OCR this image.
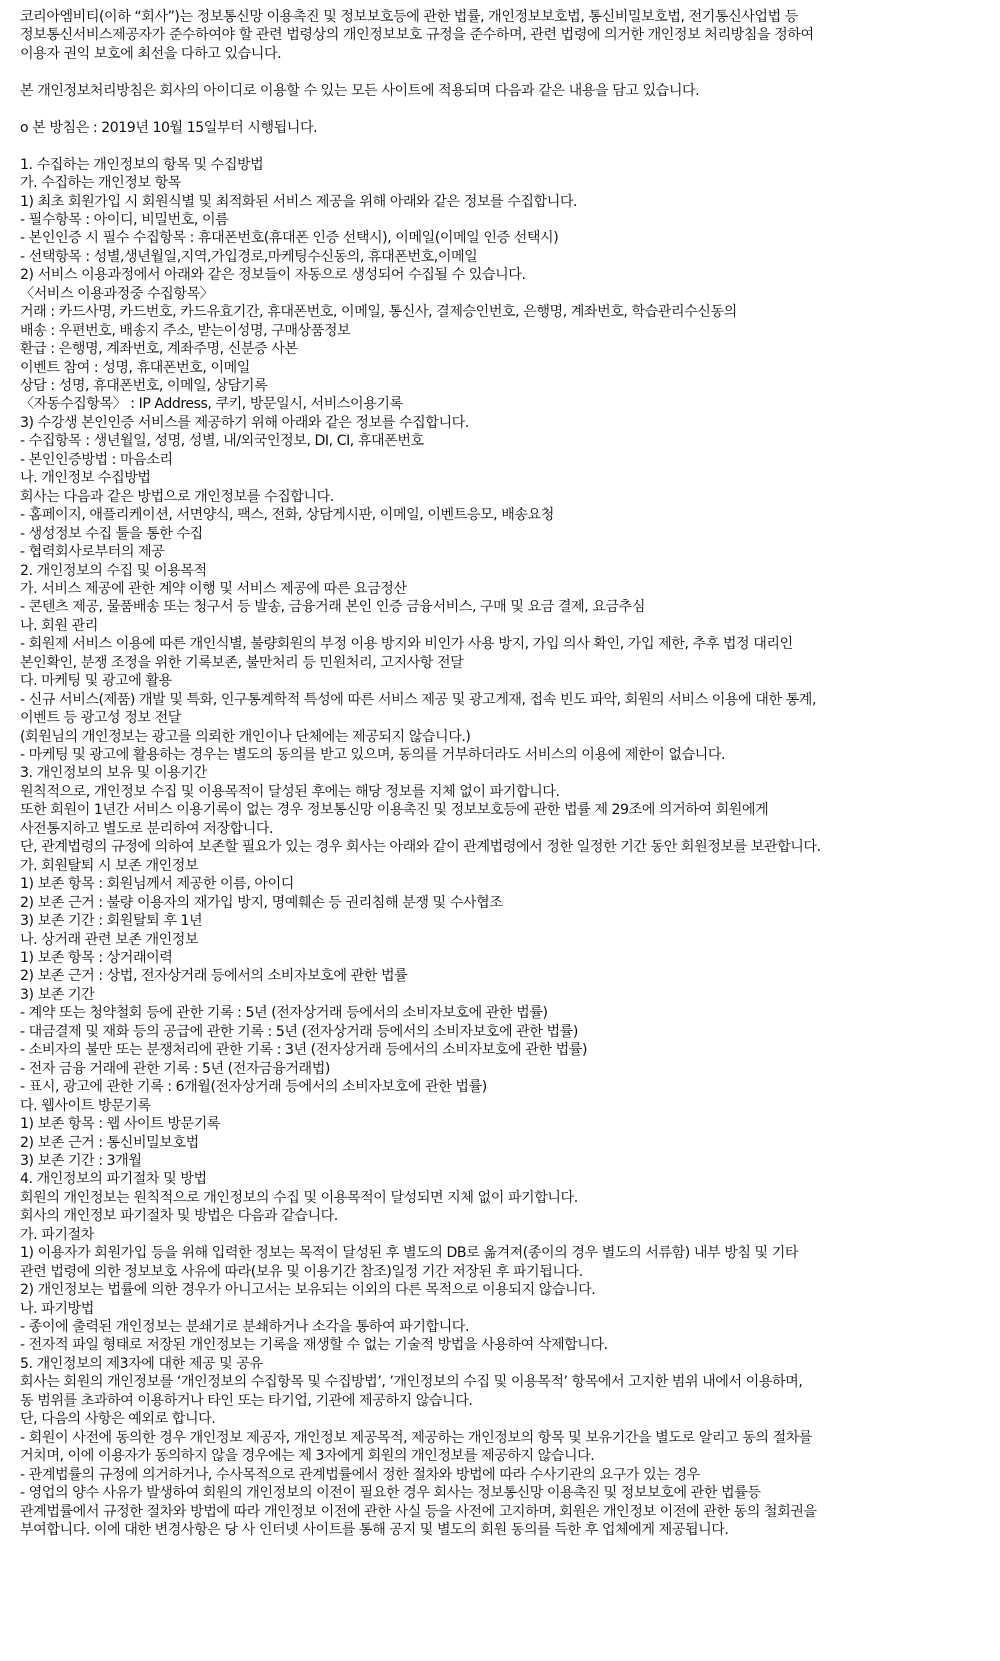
코리아엠비티(이하 “회사”)는 정보통신망 이용촉진 및 정보보호등에 관한 법률, 개인정보보호법, 통신비밀보호법, 전기통신사업법 등
정보통신서비스제공자가 준수하여야 할 관련 법령상의 개인정보보호 규정을 준수하며, 관련 법령에 의거한 개인정보 처리방침을 정하여
이용자 권익 보호에 최선을 다하고 있습니다.
본 개인정보처리방침은 회사의 아이디로 이용할 수 있는 모든 사이트에 적용되며 다음과 같은 내용을 담고 있습니다.
o 본 방침은 : 2019년 10월 15일부터 시행됩니다.
1. 수집하는 개인정보의 항목 및 수집방법
가. 수집하는 개인정보 항목
1) 최초 회원가입 시 회원식별 및 최적화된 서비스 제공을 위해 아래와 같은 정보를 수집합니다.
- 필수항목 : 아이디, 비밀번호, 이름
- 본인인증 시 필수 수집항목 : 휴대폰번호(휴대폰 인증 선택시), 이메일(이메일 인증 선택시)
- 선택항목 : 성별,생년월일,지역,가입경로,마케팅수신동의, 휴대폰번호,이메일
2) 서비스 이용과정에서 아래와 같은 정보들이 자동으로 생성되어 수집될 수 있습니다.
〈서비스 이용과정중 수집항목〉
거래 : 카드사명, 카드번호, 카드유효기간, 휴대폰번호, 이메일, 통신사, 결제승인번호, 은행명, 계좌번호, 학습관리수신동의
배송 : 우편번호, 배송지 주소, 받는이성명, 구매상품정보
환급 : 은행명, 계좌번호, 계좌주명, 신분증 사본
이벤트 참여 : 성명, 휴대폰번호, 이메일
상담 : 성명, 휴대폰번호, 이메일, 상담기록
〈자동수집항목〉 : IP Address, 쿠키, 방문일시, 서비스이용기록
3) 수강생 본인인증 서비스를 제공하기 위해 아래와 같은 정보를 수집합니다.
- 수집항목 : 생년월일, 성명, 성별, 내/외국인정보, DI, CI, 휴대폰번호
- 본인인증방법 : 마음소리
나. 개인정보 수집방법
회사는 다음과 같은 방법으로 개인정보를 수집합니다.
- 홈페이지, 애플리케이션, 서면양식, 팩스, 전화, 상담게시판, 이메일, 이벤트응모, 배송요청
- 생성정보 수집 툴을 통한 수집
- 협력회사로부터의 제공
2. 개인정보의 수집 및 이용목적
가. 서비스 제공에 관한 계약 이행 및 서비스 제공에 따른 요금정산
- 콘텐츠 제공, 물품배송 또는 청구서 등 발송, 금융거래 본인 인증 금융서비스, 구매 및 요금 결제, 요금추심
나. 회원 관리
- 회원제 서비스 이용에 따른 개인식별, 불량회원의 부정 이용 방지와 비인가 사용 방지, 가입 의사 확인, 가입 제한, 추후 법정 대리인
본인확인, 분쟁 조정을 위한 기록보존, 불만처리 등 민원처리, 고지사항 전달
다. 마케팅 및 광고에 활용
- 신규 서비스(제품) 개발 및 특화, 인구통계학적 특성에 따른 서비스 제공 및 광고게재, 접속 빈도 파악, 회원의 서비스 이용에 대한 통계,
이벤트 등 광고성 정보 전달
(회원님의 개인정보는 광고를 의뢰한 개인이나 단체에는 제공되지 않습니다.)
- 마케팅 및 광고에 활용하는 경우는 별도의 동의를 받고 있으며, 동의를 거부하더라도 서비스의 이용에 제한이 없습니다.
3. 개인정보의 보유 및 이용기간
원칙적으로, 개인정보 수집 및 이용목적이 달성된 후에는 해당 정보를 지체 없이 파기합니다.
또한 회원이 1년간 서비스 이용기록이 없는 경우 정보통신망 이용촉진 및 정보보호등에 관한 법률 제 29조에 의거하여 회원에게
사전통지하고 별도로 분리하여 저장합니다.
단, 관계법령의 규정에 의하여 보존할 필요가 있는 경우 회사는 아래와 같이 관계법령에서 정한 일정한 기간 동안 회원정보를 보관합니다.
가. 회원탈퇴 시 보존 개인정보
1) 보존 항목 : 회원님께서 제공한 이름, 아이디
2) 보존 근거 : 불량 이용자의 재가입 방지, 명예훼손 등 권리침해 분쟁 및 수사협조
3) 보존 기간 : 회원탈퇴 후 1년
나. 상거래 관련 보존 개인정보
1) 보존 항목 : 상거래이력
2) 보존 근거 : 상법, 전자상거래 등에서의 소비자보호에 관한 법률
3) 보존 기간
- 계약 또는 청약철회 등에 관한 기록 : 5년 (전자상거래 등에서의 소비자보호에 관한 법률)
- 대금결제 및 재화 등의 공급에 관한 기록 : 5년 (전자상거래 등에서의 소비자보호에 관한 법률)
- 소비자의 불만 또는 분쟁처리에 관한 기록 : 3년 (전자상거래 등에서의 소비자보호에 관한 법률)
- 전자 금융 거래에 관한 기록 : 5년 (전자금융거래법)
- 표시, 광고에 관한 기록 : 6개월(전자상거래 등에서의 소비자보호에 관한 법률)
다. 웹사이트 방문기록
1) 보존 항목 : 웹 사이트 방문기록
2) 보존 근거 : 통신비밀보호법
3) 보존 기간 : 3개월
4. 개인정보의 파기절차 및 방법
회원의 개인정보는 원칙적으로 개인정보의 수집 및 이용목적이 달성되면 지체 없이 파기합니다.
회사의 개인정보 파기절차 및 방법은 다음과 같습니다.
가. 파기절차
1) 이용자가 회원가입 등을 위해 입력한 정보는 목적이 달성된 후 별도의 DB로 옮겨져(종이의 경우 별도의 서류함) 내부 방침 및 기타
관련 법령에 의한 정보보호 사유에 따라(보유 및 이용기간 참조)일정 기간 저장된 후 파기됩니다.
2) 개인정보는 법률에 의한 경우가 아니고서는 보유되는 이외의 다른 목적으로 이용되지 않습니다.
나. 파기방법
- 종이에 출력된 개인정보는 분쇄기로 분쇄하거나 소각을 통하여 파기합니다.
- 전자적 파일 형태로 저장된 개인정보는 기록을 재생할 수 없는 기술적 방법을 사용하여 삭제합니다.
5. 개인정보의 제3자에 대한 제공 및 공유
회사는 회원의 개인정보를 ‘개인정보의 수집항목 및 수집방법’, ’개인정보의 수집 및 이용목적’ 항목에서 고지한 범위 내에서 이용하며,
동 범위를 초과하여 이용하거나 타인 또는 타기업, 기관에 제공하지 않습니다.
단, 다음의 사항은 예외로 합니다.
- 회원이 사전에 동의한 경우 개인정보 제공자, 개인정보 제공목적, 제공하는 개인정보의 항목 및 보유기간을 별도로 알리고 동의 절차를
거치며, 이에 이용자가 동의하지 않을 경우에는 제 3자에게 회원의 개인정보를 제공하지 않습니다.
- 관계법률의 규정에 의거하거나, 수사목적으로 관계법률에서 정한 절차와 방법에 따라 수사기관의 요구가 있는 경우
- 영업의 양수 사유가 발생하여 회원의 개인정보의 이전이 필요한 경우 회사는 정보통신망 이용촉진 및 정보보호에 관한 법률등
관계법률에서 규정한 절차와 방법에 따라 개인정보 이전에 관한 사실 등을 사전에 고지하며, 회원은 개인정보 이전에 관한 동의 철회권을
부여합니다. 이에 대한 변경사항은 당 사 인터넷 사이트를 통해 공지 및 별도의 회원 동의를 득한 후 업체에게 제공됩니다.
